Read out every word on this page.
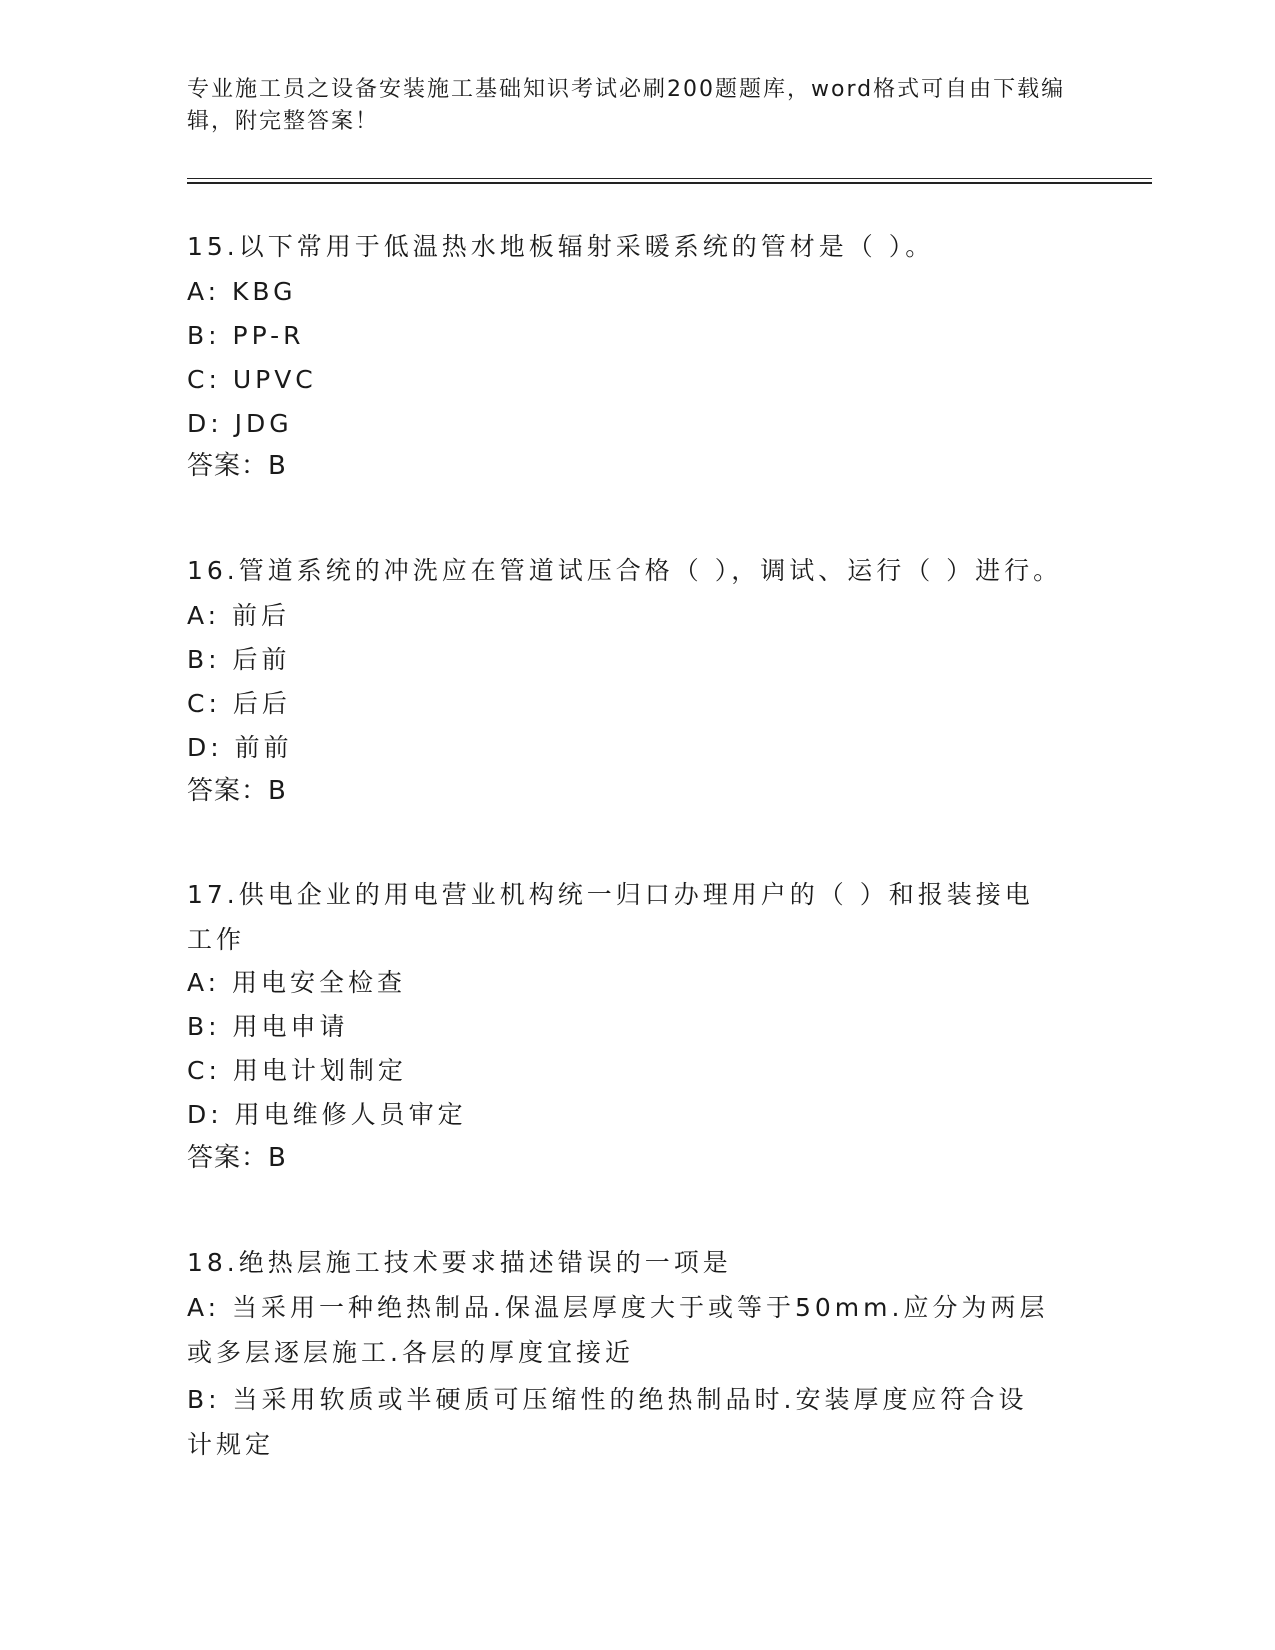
专业施工员之设备安装施工基础知识考试必刷200题题库，word格式可自由下载编辑，附完整答案！
15.以下常用于低温热水地板辐射采暖系统的管材是（ ）。
A: KBG
B: PP-R
C: UPVC
D: JDG
答案：B
16.管道系统的冲洗应在管道试压合格（ ），调试、运行（ ）进行。
A: 前后
B: 后前
C: 后后
D: 前前
答案：B
17.供电企业的用电营业机构统一归口办理用户的（ ）和报装接电工作
A: 用电安全检查
B: 用电申请
C: 用电计划制定
D: 用电维修人员审定
答案：B
18.绝热层施工技术要求描述错误的一项是
A: 当采用一种绝热制品.保温层厚度大于或等于50mm.应分为两层或多层逐层施工.各层的厚度宜接近
B: 当采用软质或半硬质可压缩性的绝热制品时.安装厚度应符合设计规定
